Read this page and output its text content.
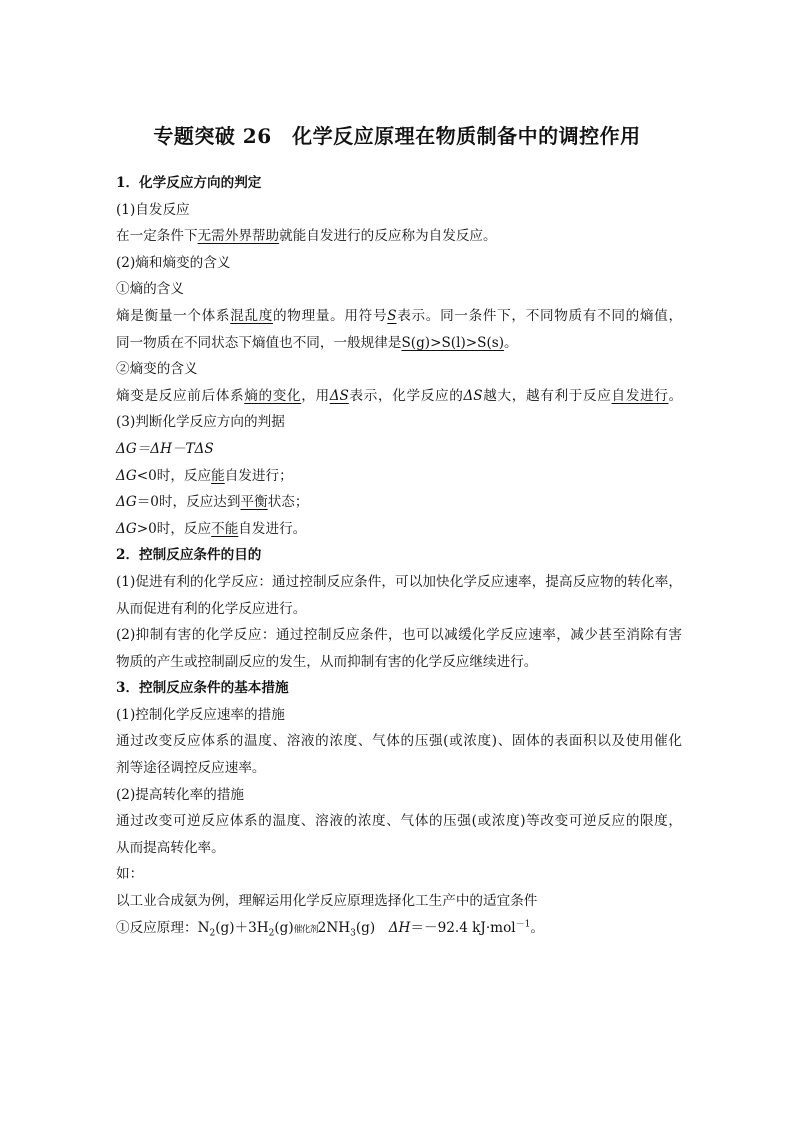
专题突破 26　化学反应原理在物质制备中的调控作用
1．化学反应方向的判定
(1)自发反应
在一定条件下无需外界帮助就能自发进行的反应称为自发反应。
(2)熵和熵变的含义
①熵的含义
熵是衡量一个体系混乱度的物理量。用符号S表示。同一条件下，不同物质有不同的熵值，
同一物质在不同状态下熵值也不同，一般规律是S(g)>S(l)>S(s)。
②熵变的含义
熵变是反应前后体系熵的变化，用ΔS表示，化学反应的ΔS越大，越有利于反应自发进行。
(3)判断化学反应方向的判据
ΔG＝ΔH－TΔS
ΔG<0时，反应能自发进行；
ΔG＝0时，反应达到平衡状态；
ΔG>0时，反应不能自发进行。
2．控制反应条件的目的
(1)促进有利的化学反应：通过控制反应条件，可以加快化学反应速率，提高反应物的转化率，
从而促进有利的化学反应进行。
(2)抑制有害的化学反应：通过控制反应条件，也可以减缓化学反应速率，减少甚至消除有害
物质的产生或控制副反应的发生，从而抑制有害的化学反应继续进行。
3．控制反应条件的基本措施
(1)控制化学反应速率的措施
通过改变反应体系的温度、溶液的浓度、气体的压强(或浓度)、固体的表面积以及使用催化
剂等途径调控反应速率。
(2)提高转化率的措施
通过改变可逆反应体系的温度、溶液的浓度、气体的压强(或浓度)等改变可逆反应的限度，
从而提高转化率。
如：
以工业合成氨为例，理解运用化学反应原理选择化工生产中的适宜条件
①反应原理：$N_2(g)+3H_2(g)$催化剂$2NH_3(g)$　ΔH＝－92.4 kJ·mol$^{-1}$。
